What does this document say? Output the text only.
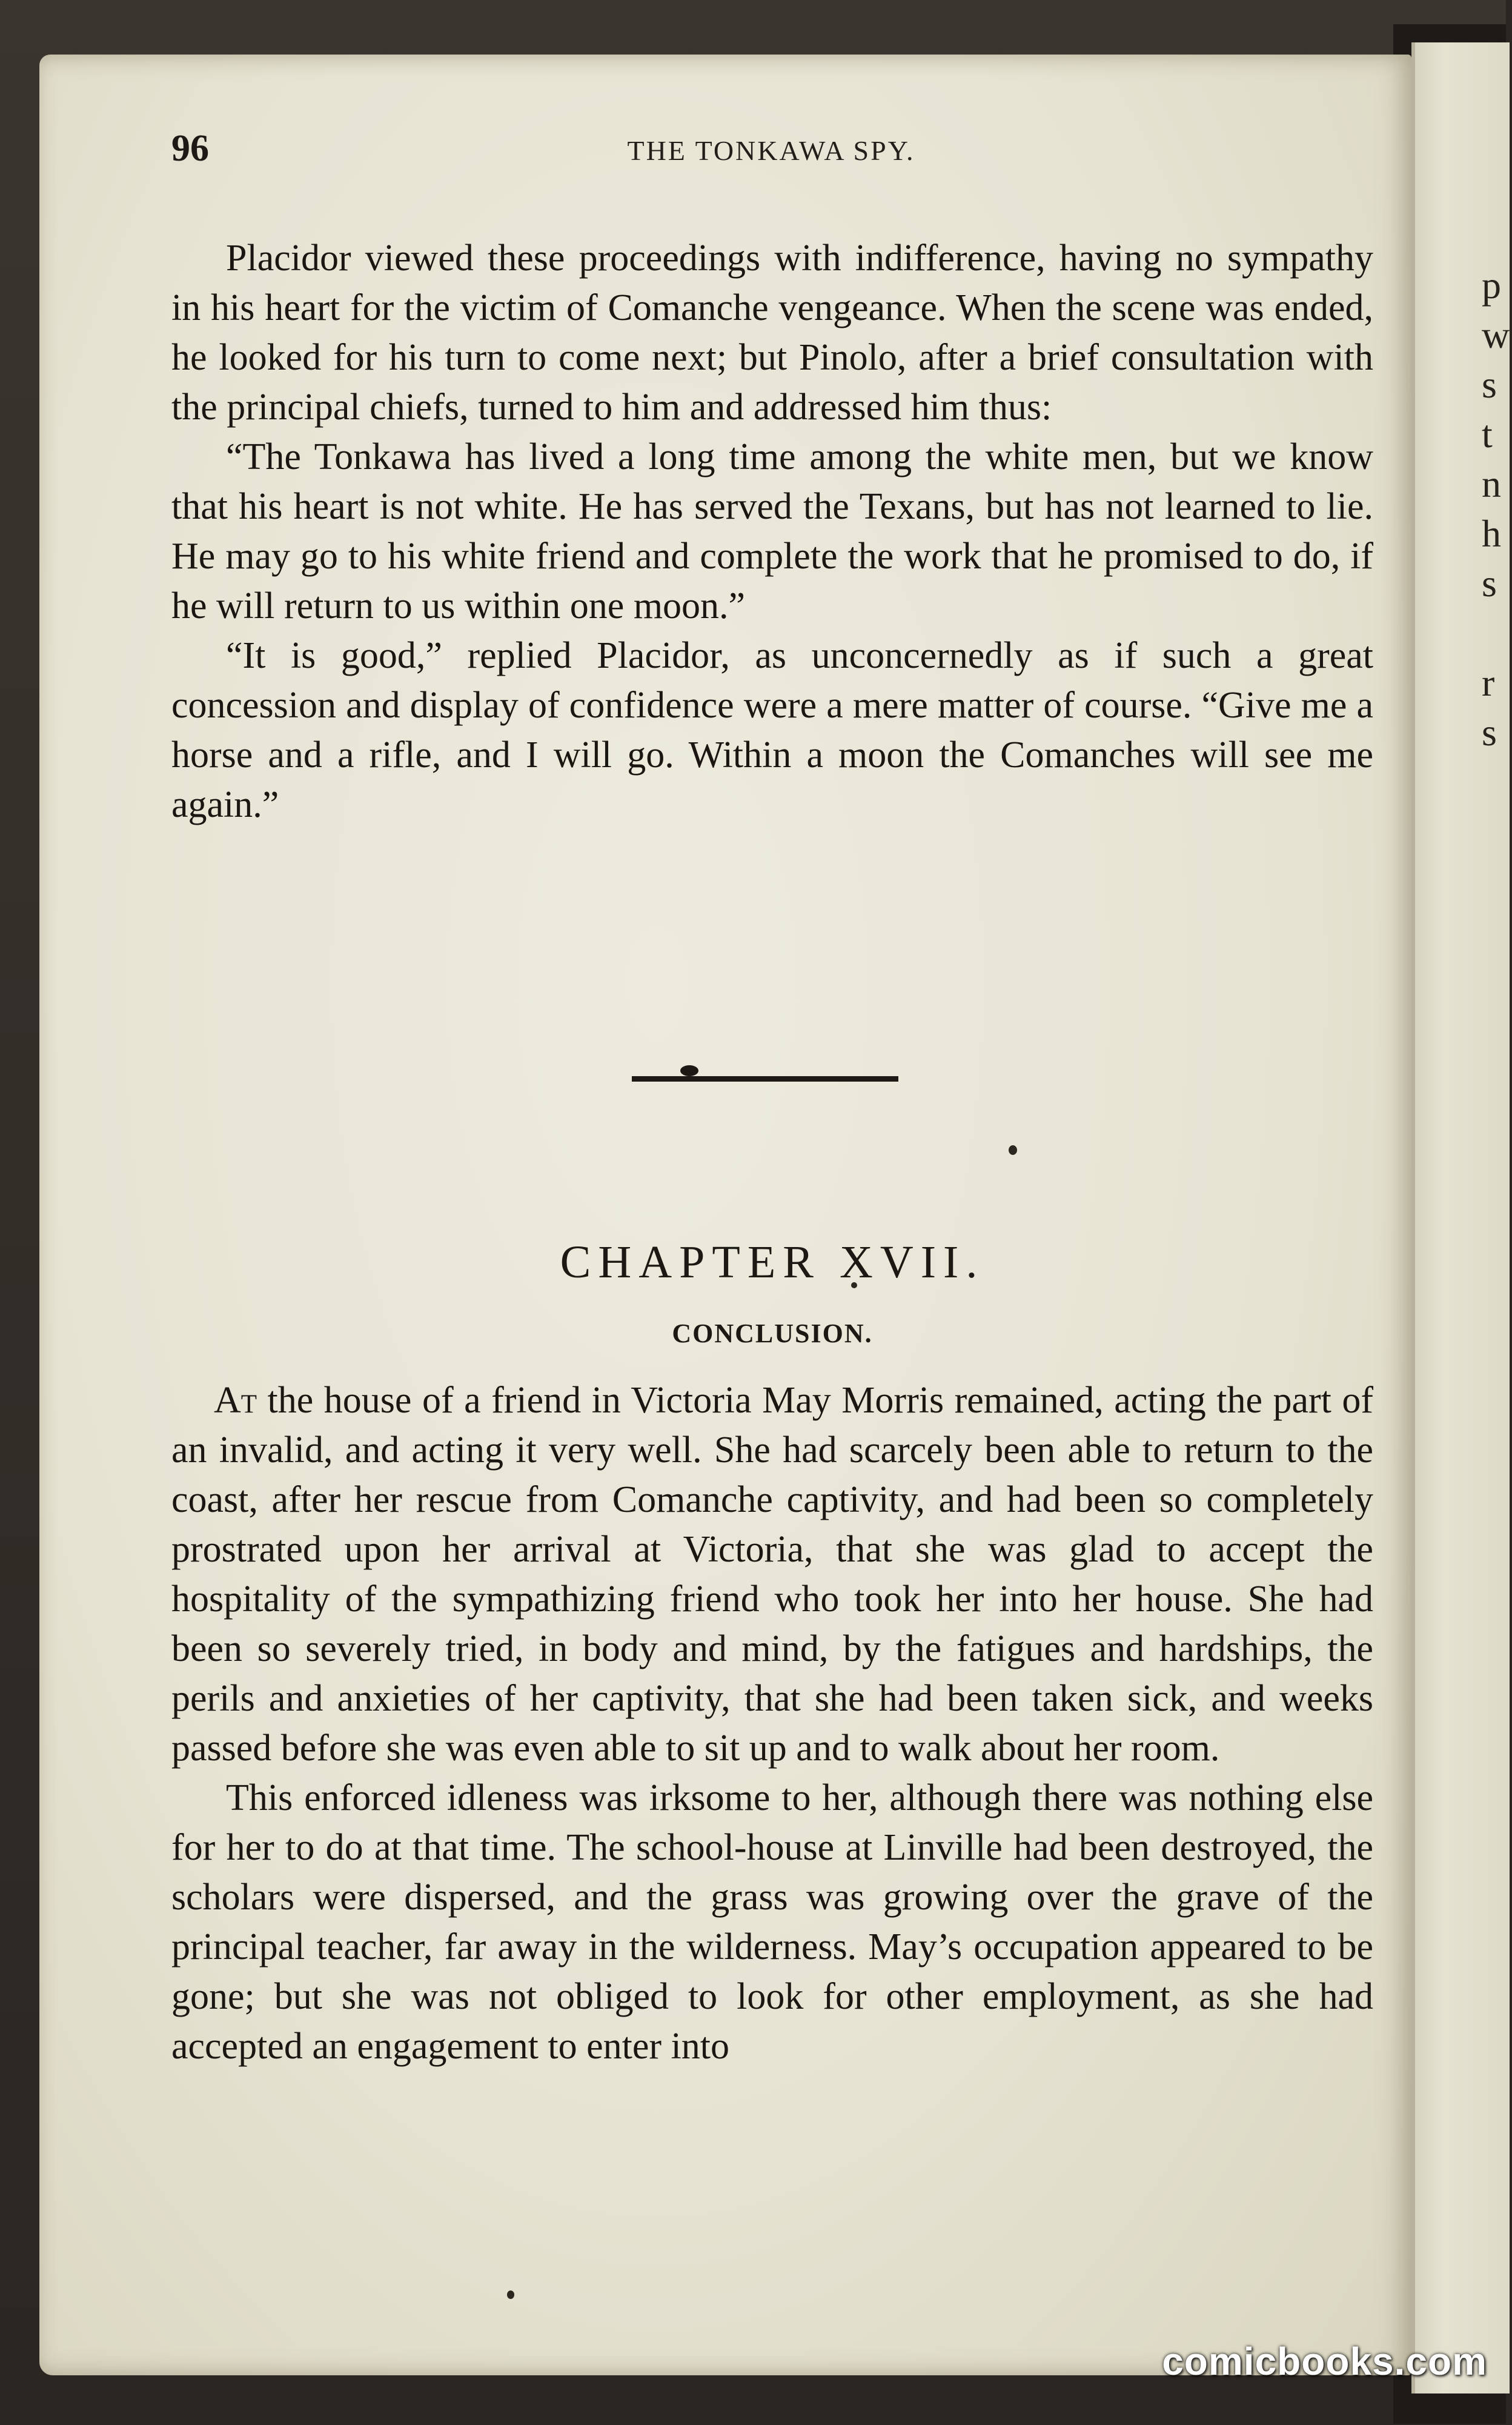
p
w
s
t
n
h
s

r
s
96	THE TONKAWA SPY.

Placidor viewed these proceedings with indifference, having no sympathy in his heart for the victim of Comanche vengeance. When the scene was ended, he looked for his turn to come next; but Pinolo, after a brief consultation with the principal chiefs, turned to him and addressed him thus:

“The Tonkawa has lived a long time among the white men, but we know that his heart is not white. He has served the Texans, but has not learned to lie. He may go to his white friend and complete the work that he promised to do, if he will return to us within one moon.”

“It is good,” replied Placidor, as unconcernedly as if such a great concession and display of confidence were a mere matter of course. “Give me a horse and a rifle, and I will go. Within a moon the Comanches will see me again.”

CHAPTER XVII.
CONCLUSION.

At the house of a friend in Victoria May Morris remained, acting the part of an invalid, and acting it very well. She had scarcely been able to return to the coast, after her rescue from Comanche captivity, and had been so completely prostrated upon her arrival at Victoria, that she was glad to accept the hospitality of the sympathizing friend who took her into her house. She had been so severely tried, in body and mind, by the fatigues and hardships, the perils and anxieties of her captivity, that she had been taken sick, and weeks passed before she was even able to sit up and to walk about her room.

This enforced idleness was irksome to her, although there was nothing else for her to do at that time. The school-house at Linville had been destroyed, the scholars were dispersed, and the grass was growing over the grave of the principal teacher, far away in the wilderness. May’s occupation appeared to be gone; but she was not obliged to look for other employment, as she had accepted an engagement to enter into

comicbooks.com
